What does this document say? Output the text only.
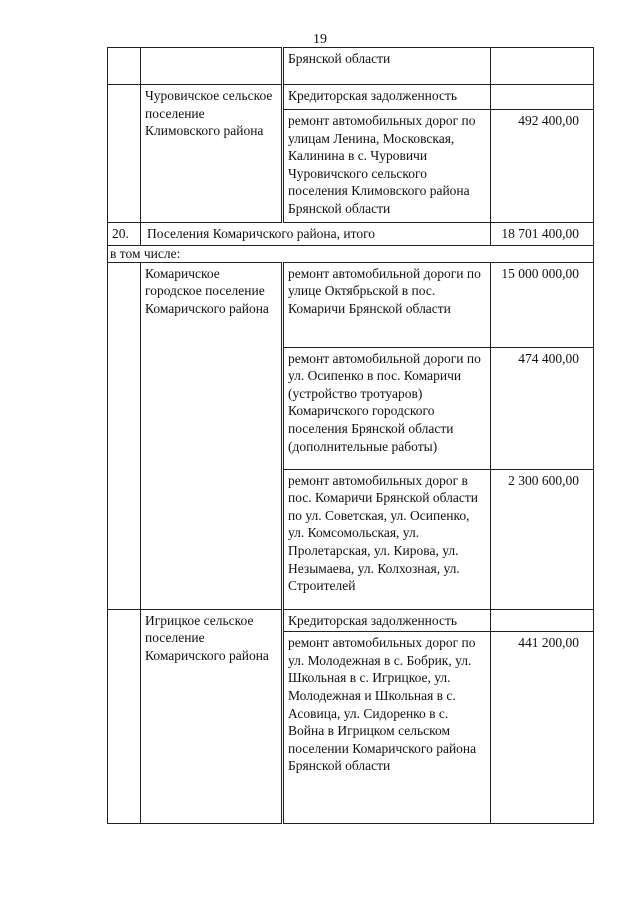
19
		Брянской области	
	Чуровичское сельское поселение Климовского района	Кредиторская задолженность	
		ремонт автомобильных дорог по улицам Ленина, Московская, Калинина в с. Чуровичи Чуровичского сельского поселения Климовского района Брянской области	492 400,00
20.	Поселения Комаричского района, итого		18 701 400,00
в том числе:			
	Комаричское городское поселение Комаричского района	ремонт автомобильной дороги по улице Октябрьской в пос. Комаричи Брянской области	15 000 000,00
		ремонт автомобильной дороги по ул. Осипенко в пос. Комаричи (устройство тротуаров) Комаричского городского поселения Брянской области (дополнительные работы)	474 400,00
		ремонт автомобильных дорог в пос. Комаричи Брянской области по ул. Советская, ул. Осипенко, ул. Комсомольская, ул. Пролетарская, ул. Кирова, ул. Незымаева, ул. Колхозная, ул. Строителей	2 300 600,00
	Игрицкое сельское поселение Комаричского района	Кредиторская задолженность	
		ремонт автомобильных дорог по ул. Молодежная в с. Бобрик, ул. Школьная в с. Игрицкое, ул. Молодежная и Школьная в с. Асовица, ул. Сидоренко в с. Война в Игрицком сельском поселении Комаричского района Брянской области	441 200,00
